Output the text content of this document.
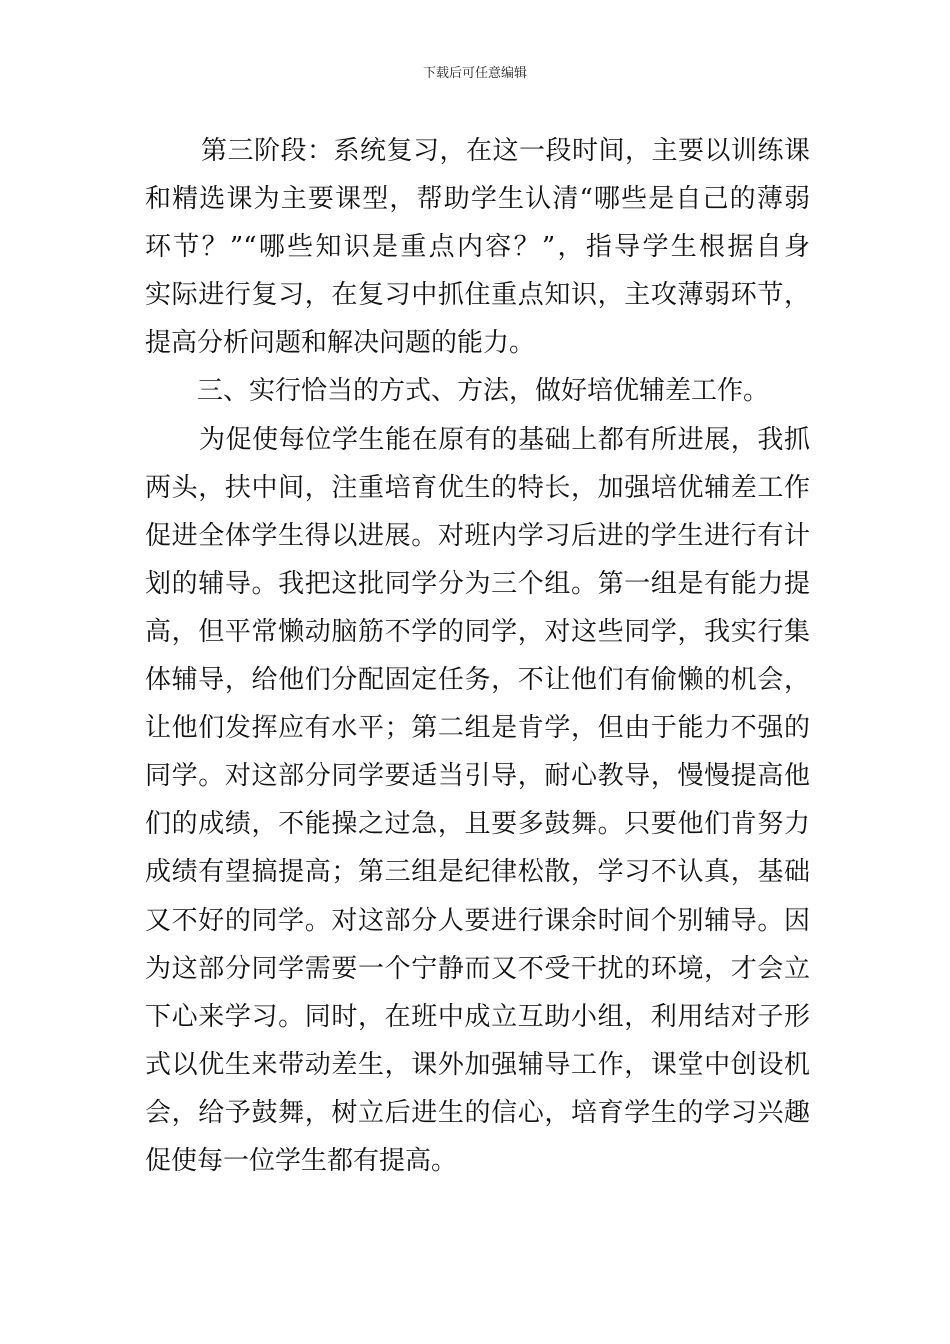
下载后可任意编辑
第三阶段：系统复习，在这一段时间，主要以训练课
和精选课为主要课型，帮助学生认清“哪些是自己的薄弱
环节？”“哪些知识是重点内容？”，指导学生根据自身
实际进行复习，在复习中抓住重点知识，主攻薄弱环节，
提高分析问题和解决问题的能力。
三、实行恰当的方式、方法，做好培优辅差工作。
为促使每位学生能在原有的基础上都有所进展，我抓
两头，扶中间，注重培育优生的特长，加强培优辅差工作
促进全体学生得以进展。对班内学习后进的学生进行有计
划的辅导。我把这批同学分为三个组。第一组是有能力提
高，但平常懒动脑筋不学的同学，对这些同学，我实行集
体辅导，给他们分配固定任务，不让他们有偷懒的机会，
让他们发挥应有水平；第二组是肯学，但由于能力不强的
同学。对这部分同学要适当引导，耐心教导，慢慢提高他
们的成绩，不能操之过急，且要多鼓舞。只要他们肯努力
成绩有望搞提高；第三组是纪律松散，学习不认真，基础
又不好的同学。对这部分人要进行课余时间个别辅导。因
为这部分同学需要一个宁静而又不受干扰的环境，才会立
下心来学习。同时，在班中成立互助小组，利用结对子形
式以优生来带动差生，课外加强辅导工作，课堂中创设机
会，给予鼓舞，树立后进生的信心，培育学生的学习兴趣
促使每一位学生都有提高。
